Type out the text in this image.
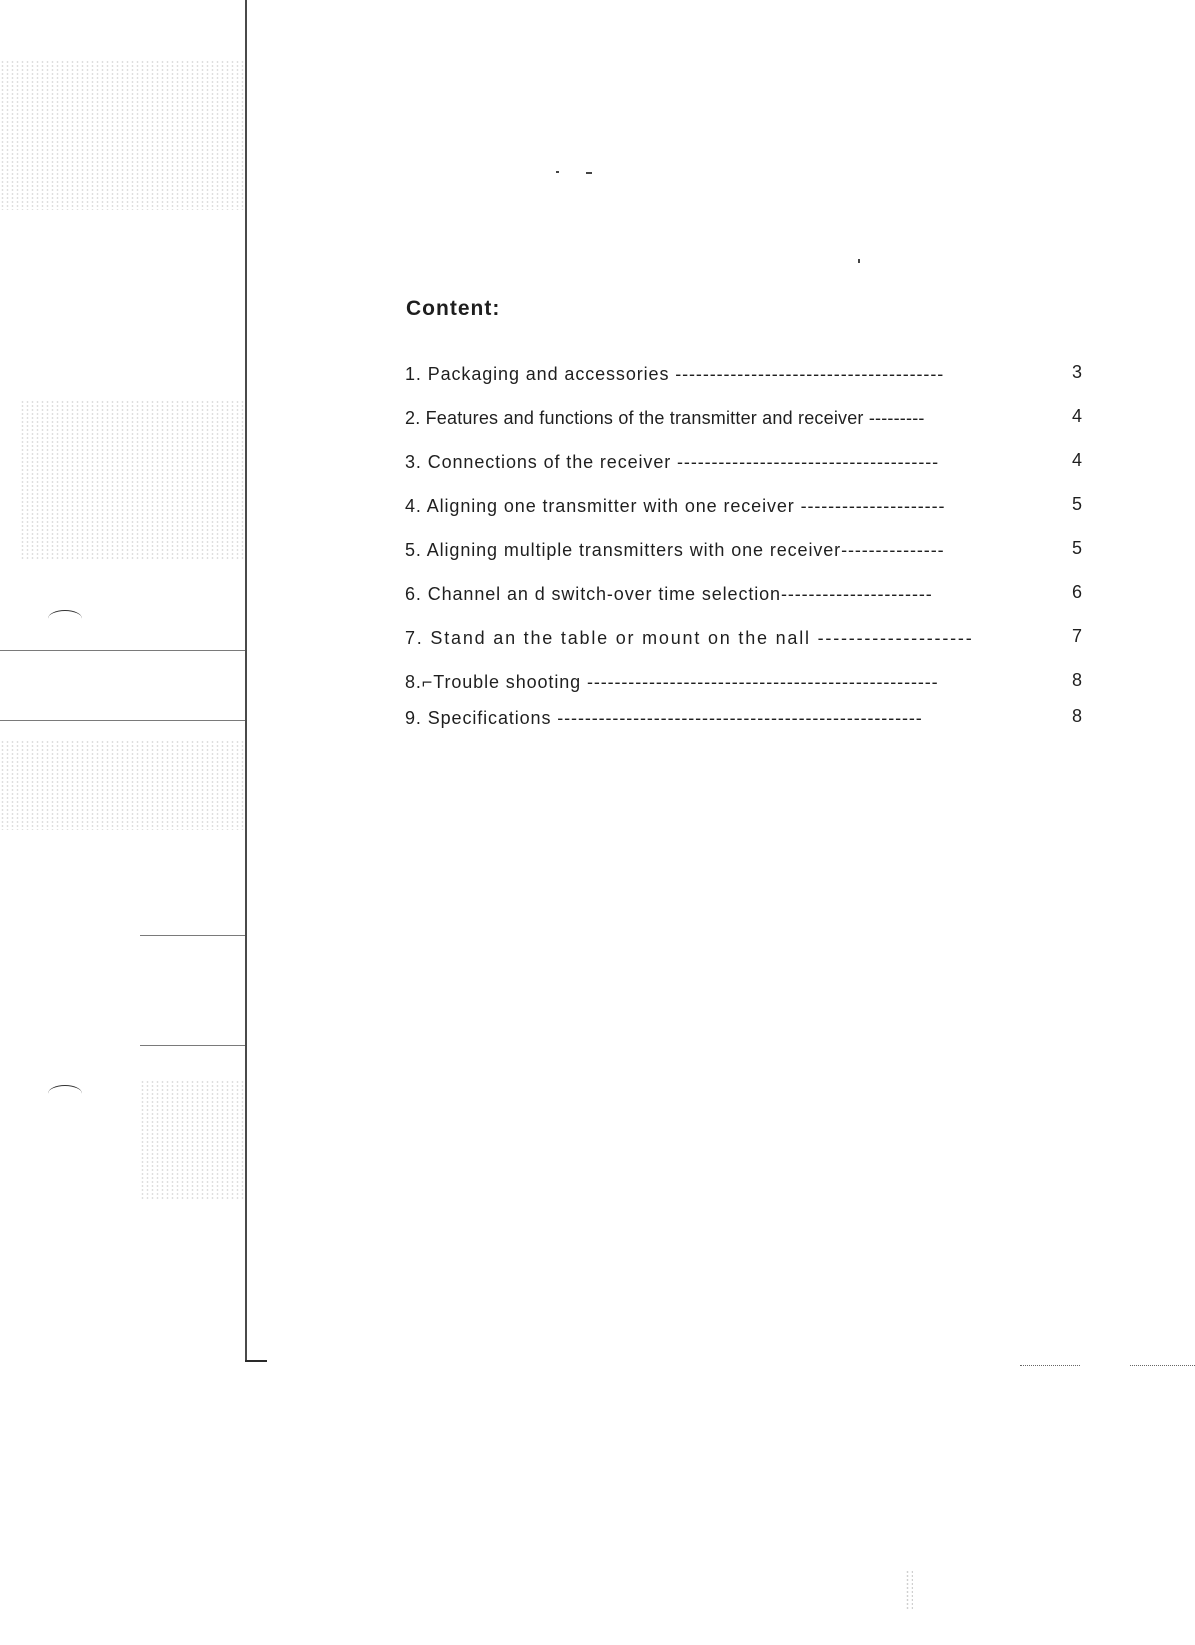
Content:
1. Packaging and accessories ---------------------------------------	3
2. Features and functions of the transmitter and receiver ---------	4
3. Connections of the receiver --------------------------------------	4
4. Aligning one transmitter with one receiver ---------------------	5
5. Aligning multiple transmitters with one receiver---------------	5
6. Channel an d switch-over time selection----------------------	6
7. Stand an the table or mount on the nall --------------------	7
8.⌐Trouble shooting ---------------------------------------------------	8
9. Specifications -----------------------------------------------------	8
